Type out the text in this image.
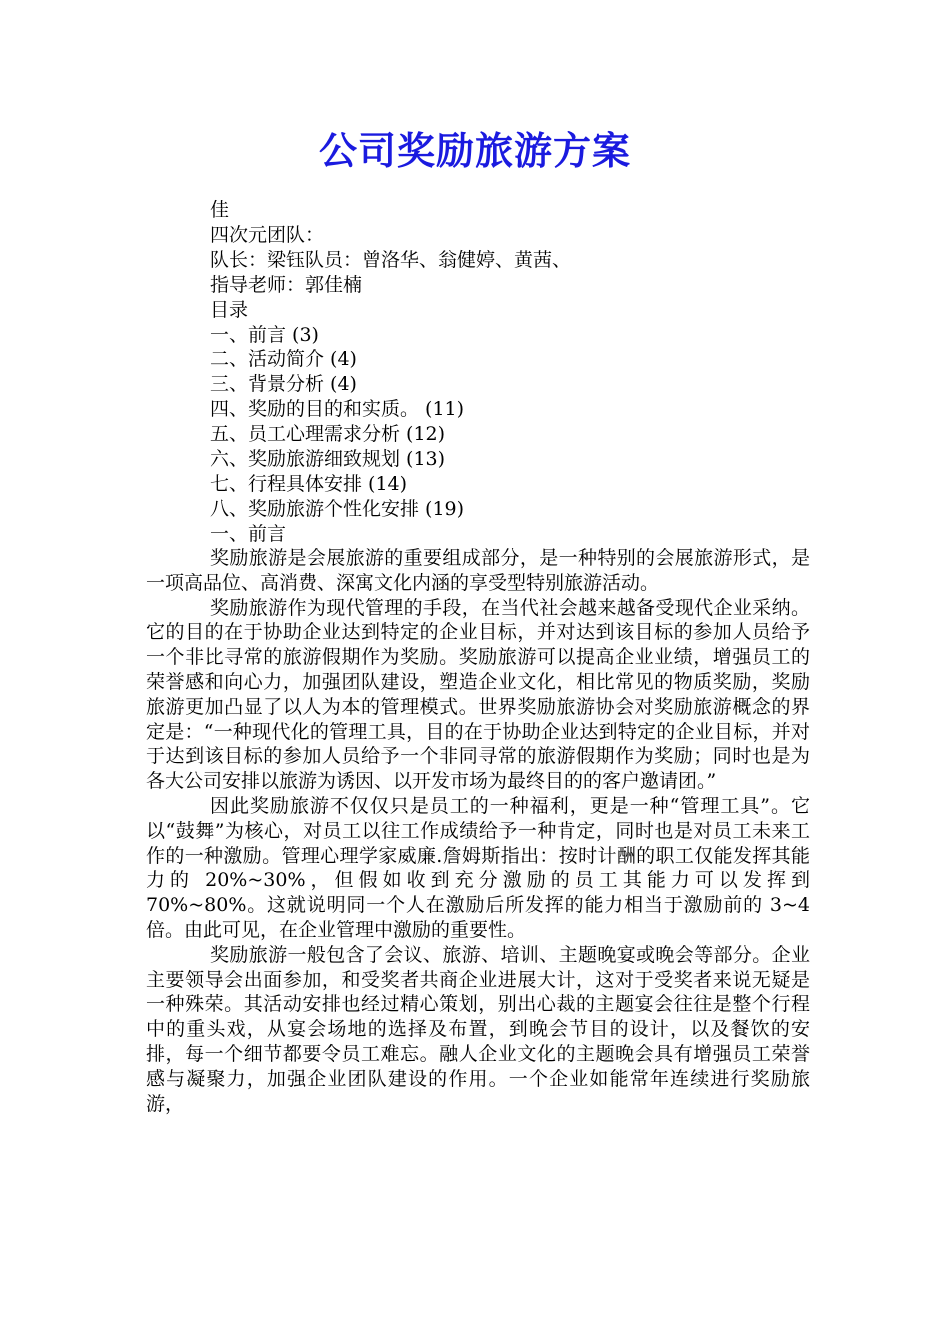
公司奖励旅游方案
佳
四次元团队：
队长：梁钰队员：曾洛华、翁健婷、黄茜、
指导老师：郭佳楠
目录
一、前言 (3)
二、活动简介 (4)
三、背景分析 (4)
四、奖励的目的和实质。 (11)
五、员工心理需求分析 (12)
六、奖励旅游细致规划 (13)
七、行程具体安排 (14)
八、奖励旅游个性化安排 (19)
一、前言

奖励旅游是会展旅游的重要组成部分，是一种特别的会展旅游形式，是一项高品位、高消费、深寓文化内涵的享受型特别旅游活动。

奖励旅游作为现代管理的手段，在当代社会越来越备受现代企业采纳。它的目的在于协助企业达到特定的企业目标，并对达到该目标的参加人员给予一个非比寻常的旅游假期作为奖励。奖励旅游可以提高企业业绩，增强员工的荣誉感和向心力，加强团队建设，塑造企业文化，相比常见的物质奖励，奖励旅游更加凸显了以人为本的管理模式。世界奖励旅游协会对奖励旅游概念的界定是：“一种现代化的管理工具，目的在于协助企业达到特定的企业目标，并对于达到该目标的参加人员给予一个非同寻常的旅游假期作为奖励；同时也是为各大公司安排以旅游为诱因、以开发市场为最终目的的客户邀请团。”

因此奖励旅游不仅仅只是员工的一种福利，更是一种“管理工具”。它以“鼓舞”为核心，对员工以往工作成绩给予一种肯定，同时也是对员工未来工作的一种激励。管理心理学家威廉.詹姆斯指出：按时计酬的职工仅能发挥其能力的 20%~30%，但假如收到充分激励的员工其能力可以发挥到 70%~80%。这就说明同一个人在激励后所发挥的能力相当于激励前的 3~4 倍。由此可见，在企业管理中激励的重要性。

奖励旅游一般包含了会议、旅游、培训、主题晚宴或晚会等部分。企业主要领导会出面参加，和受奖者共商企业进展大计，这对于受奖者来说无疑是一种殊荣。其活动安排也经过精心策划，别出心裁的主题宴会往往是整个行程中的重头戏，从宴会场地的选择及布置，到晚会节目的设计，以及餐饮的安排，每一个细节都要令员工难忘。融人企业文化的主题晚会具有增强员工荣誉感与凝聚力，加强企业团队建设的作用。一个企业如能常年连续进行奖励旅游，
